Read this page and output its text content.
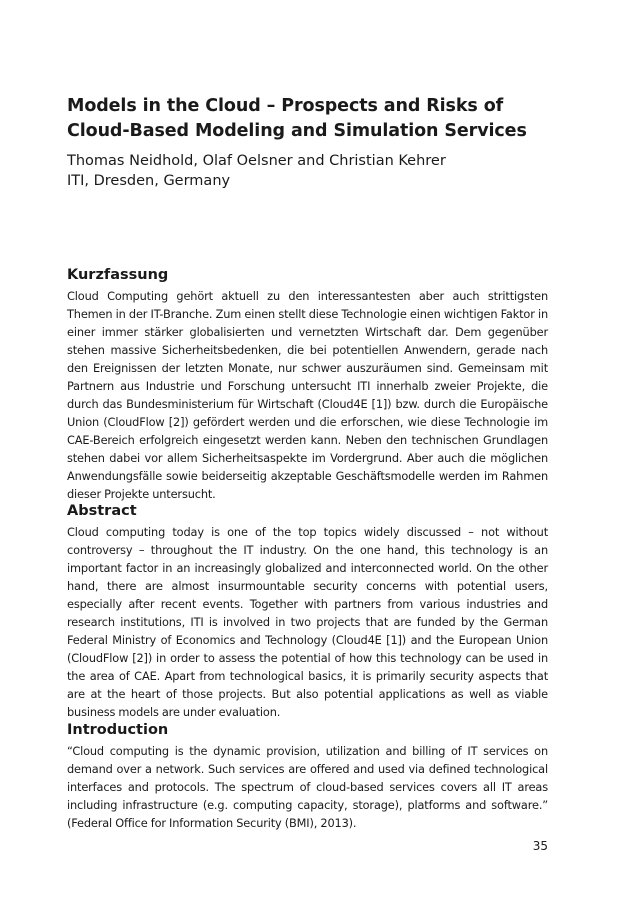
Models in the Cloud – Prospects and Risks of Cloud-Based Modeling and Simulation Services

Thomas Neidhold, Olaf Oelsner and Christian Kehrer

ITI, Dresden, Germany

Kurzfassung

Cloud Computing gehört aktuell zu den interessantesten aber auch strittigsten Themen in der IT-Branche. Zum einen stellt diese Technologie einen wichtigen Faktor in einer immer stärker globalisierten und vernetzten Wirtschaft dar. Dem gegenüber stehen massive Sicherheitsbedenken, die bei potentiellen Anwendern, gerade nach den Ereignissen der letzten Monate, nur schwer auszuräumen sind. Gemeinsam mit Partnern aus Industrie und Forschung untersucht ITI innerhalb zweier Projekte, die durch das Bundesministerium für Wirtschaft (Cloud4E [1]) bzw. durch die Europäische Union (CloudFlow [2]) gefördert werden und die erforschen, wie diese Technologie im CAE-Bereich erfolgreich eingesetzt werden kann. Neben den technischen Grundlagen stehen dabei vor allem Sicherheitsaspekte im Vordergrund. Aber auch die möglichen Anwendungsfälle sowie beiderseitig akzeptable Geschäftsmodelle werden im Rahmen dieser Projekte untersucht.

Abstract

Cloud computing today is one of the top topics widely discussed – not without controversy – throughout the IT industry. On the one hand, this technology is an important factor in an increasingly globalized and interconnected world. On the other hand, there are almost insurmountable security concerns with potential users, especially after recent events. Together with partners from various industries and research institutions, ITI is involved in two projects that are funded by the German Federal Ministry of Economics and Technology (Cloud4E [1]) and the European Union (CloudFlow [2]) in order to assess the potential of how this technology can be used in the area of CAE. Apart from technological basics, it is primarily security aspects that are at the heart of those projects. But also potential applications as well as viable business models are under evaluation.

Introduction

“Cloud computing is the dynamic provision, utilization and billing of IT services on demand over a network. Such services are offered and used via defined technological interfaces and protocols. The spectrum of cloud-based services covers all IT areas including infrastructure (e.g. computing capacity, storage), platforms and software.” (Federal Office for Information Security (BMI), 2013).

35
